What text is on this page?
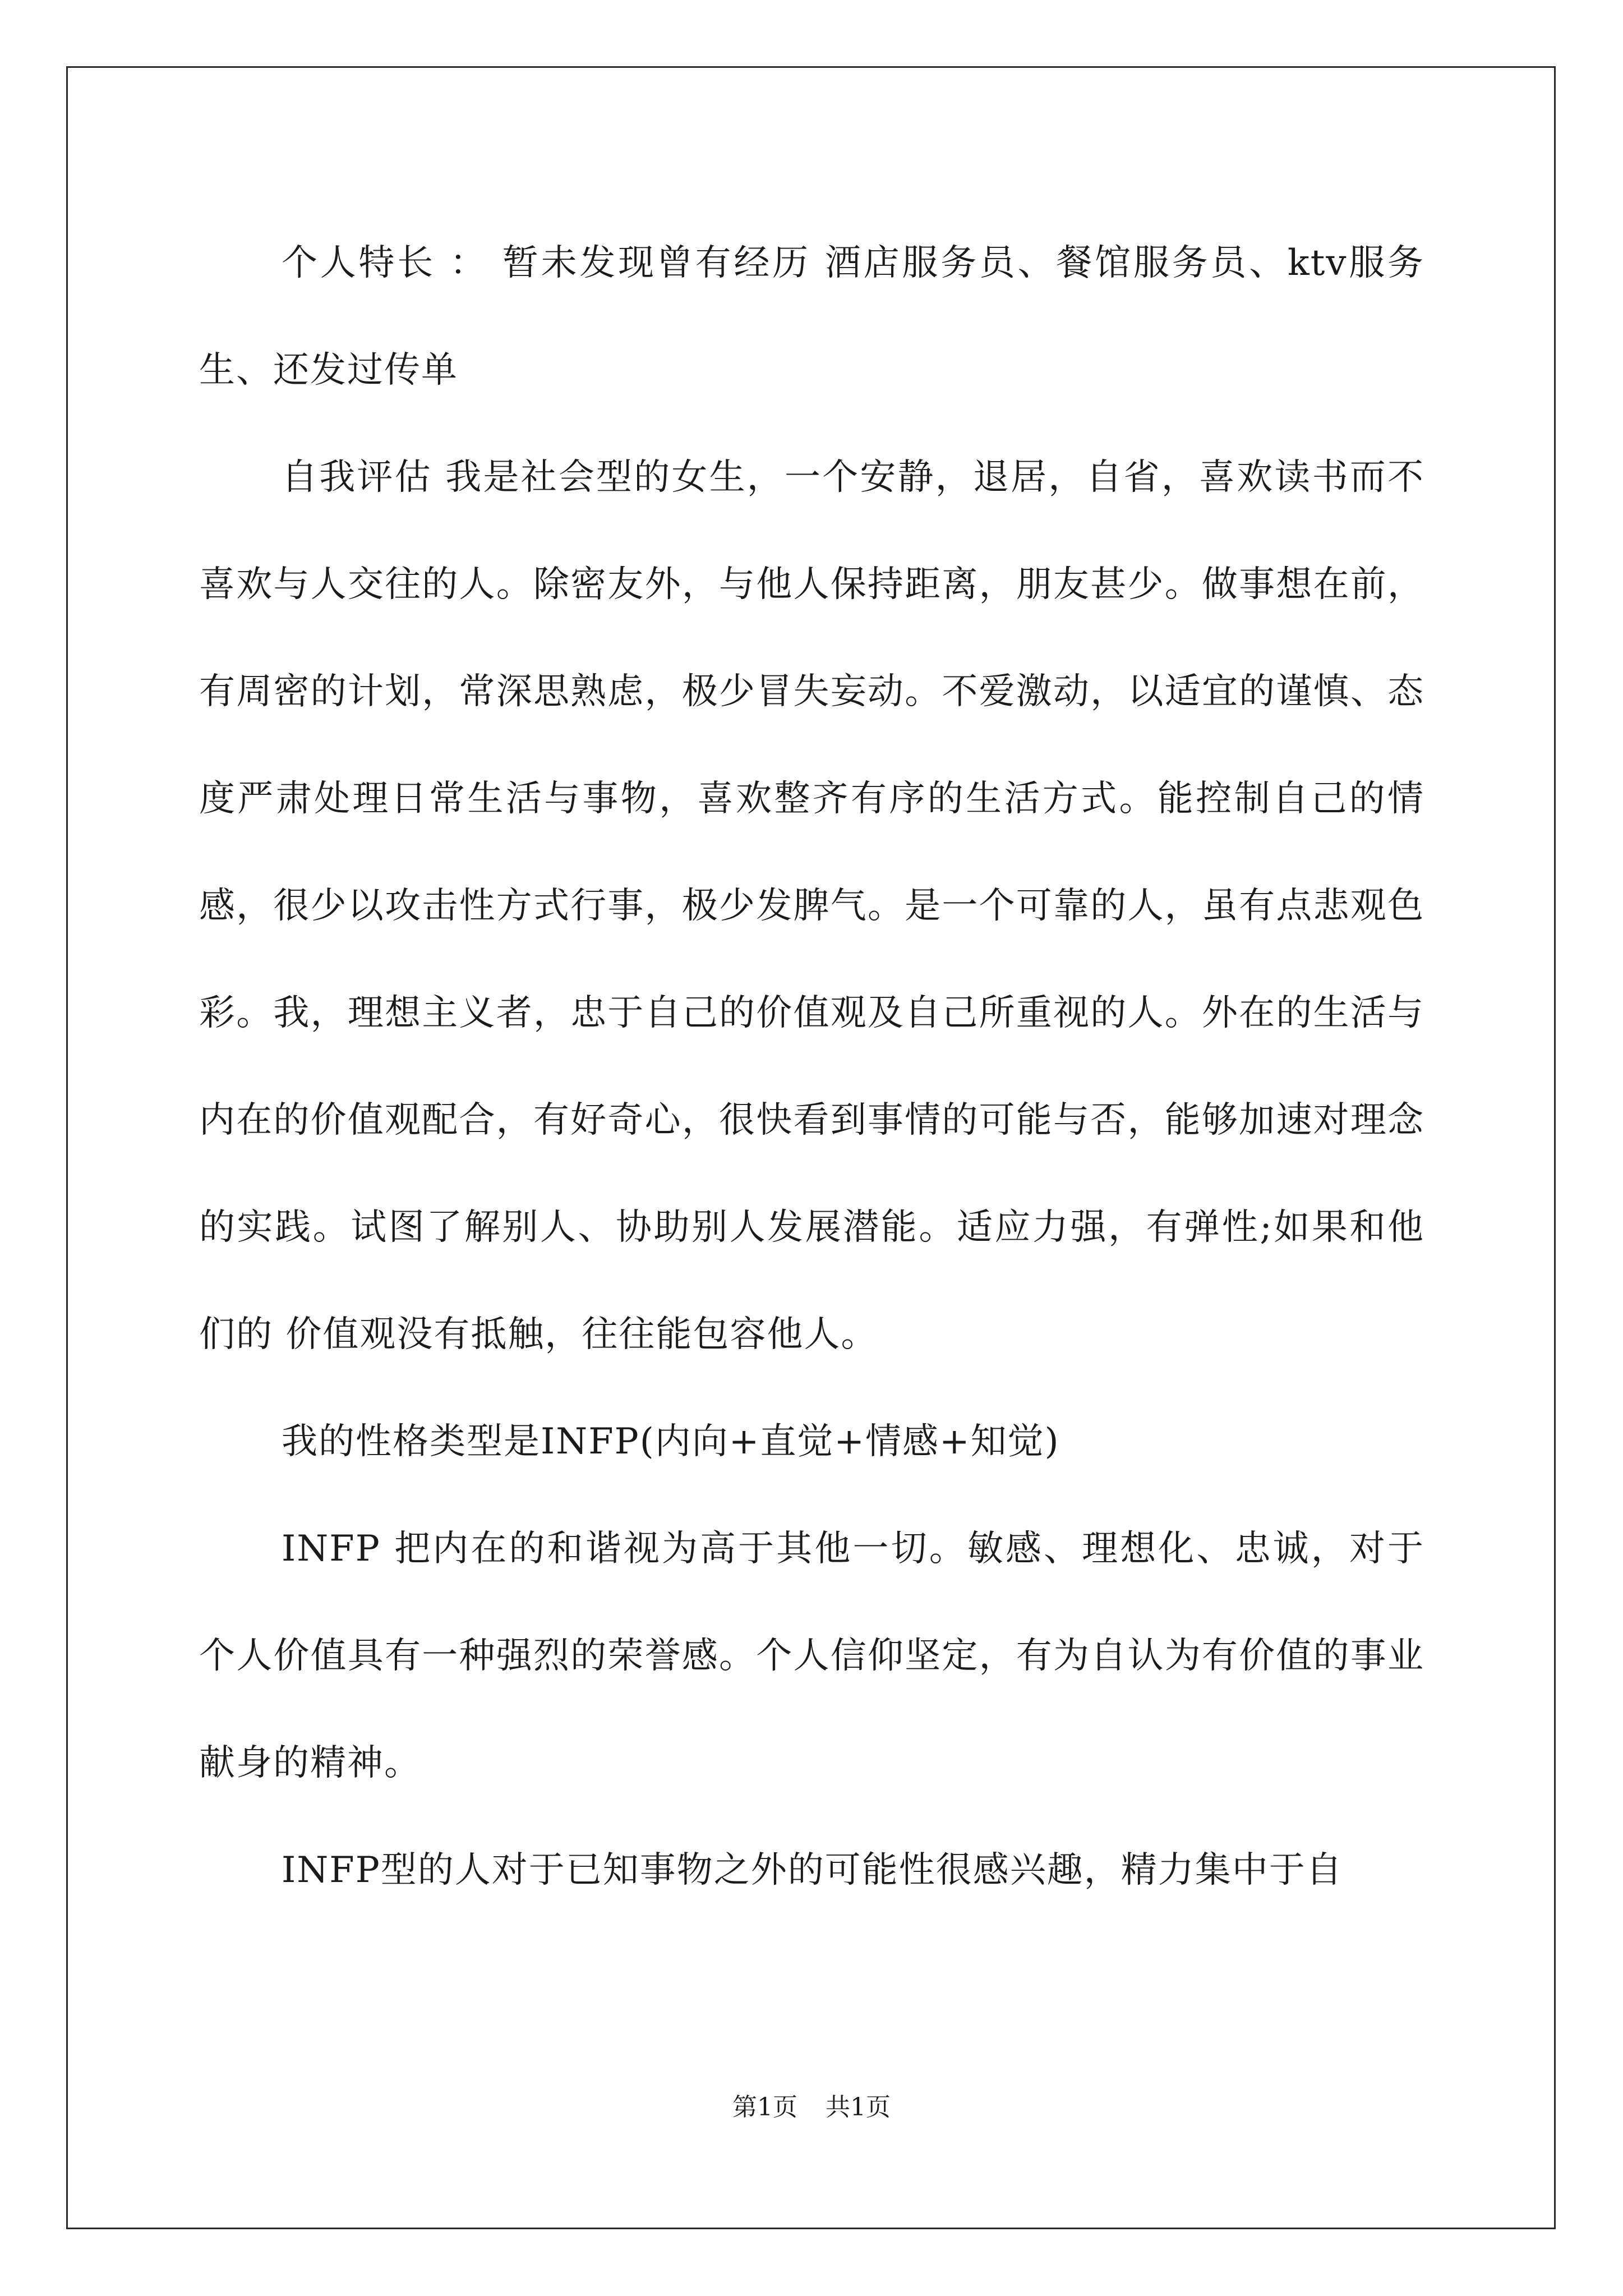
个人特长 ： 暂未发现曾有经历 酒店服务员、餐馆服务员、ktv服务生、还发过传单

自我评估 我是社会型的女生，一个安静，退居，自省，喜欢读书而不喜欢与人交往的人。除密友外，与他人保持距离，朋友甚少。做事想在前，有周密的计划，常深思熟虑，极少冒失妄动。不爱激动，以适宜的谨慎、态度严肃处理日常生活与事物，喜欢整齐有序的生活方式。能控制自己的情感，很少以攻击性方式行事，极少发脾气。是一个可靠的人，虽有点悲观色彩。我，理想主义者，忠于自己的价值观及自己所重视的人。外在的生活与内在的价值观配合，有好奇心，很快看到事情的可能与否，能够加速对理念的实践。试图了解别人、协助别人发展潜能。适应力强，有弹性;如果和他们的 价值观没有抵触，往往能包容他人。

我的性格类型是INFP(内向+直觉+情感+知觉)

INFP 把内在的和谐视为高于其他一切。敏感、理想化、忠诚，对于个人价值具有一种强烈的荣誉感。个人信仰坚定，有为自认为有价值的事业献身的精神。

INFP型的人对于已知事物之外的可能性很感兴趣，精力集中于自

第1页 共1页
